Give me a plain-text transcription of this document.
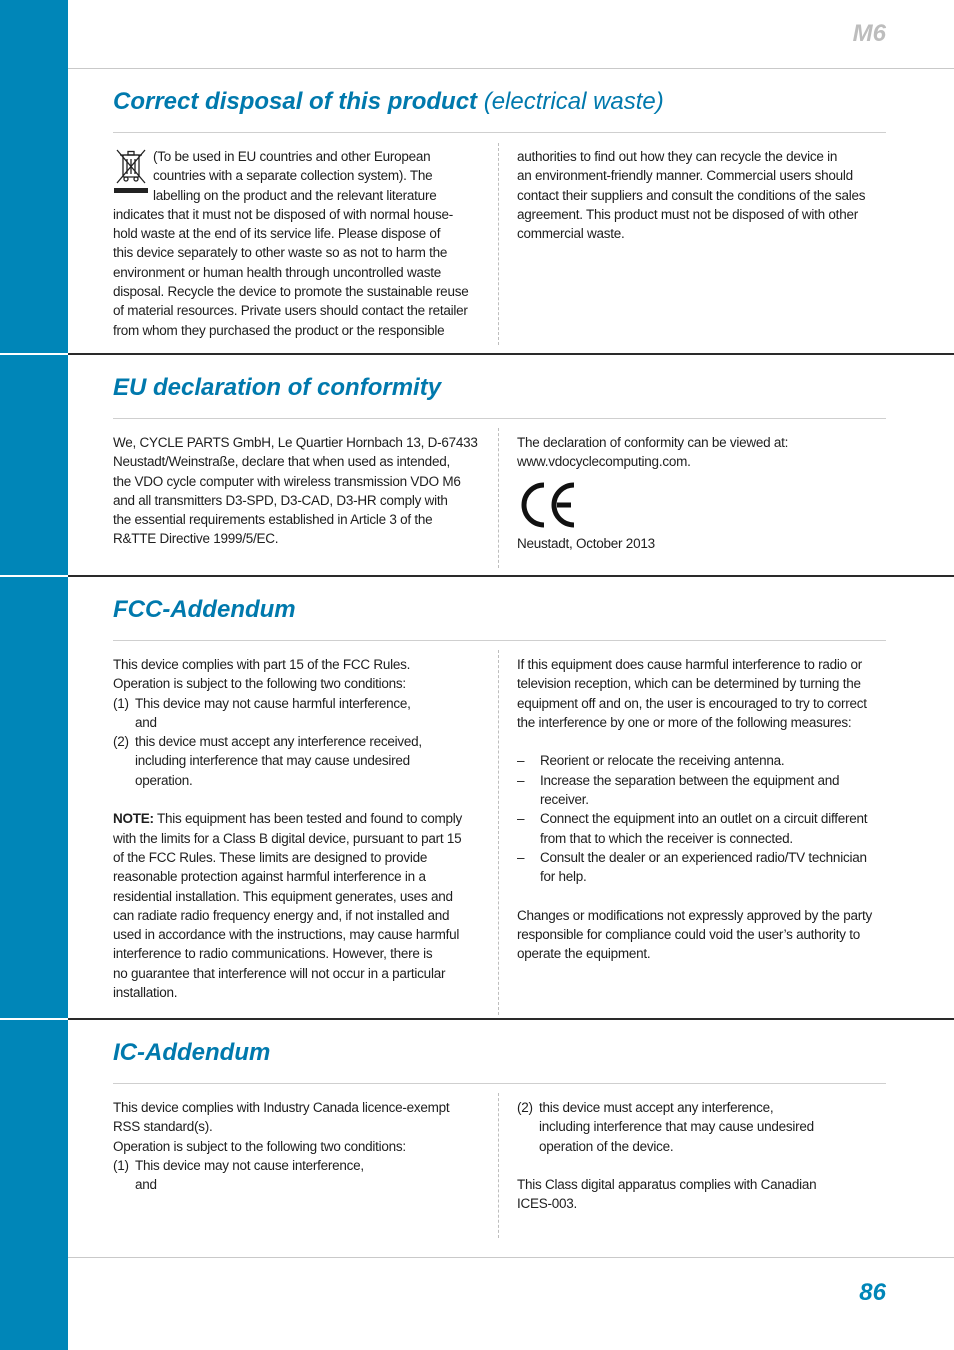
M6
Correct disposal of this product (electrical waste)

(To be used in EU countries and other European

countries with a separate collection system). The

labelling on the product and the relevant literature

indicates that it must not be disposed of with normal house-

hold waste at the end of its service life. Please dispose of

this device separately to other waste so as not to harm the

environment or human health through uncontrolled waste

disposal. Recycle the device to promote the sustainable reuse

of material resources. Private users should contact the retailer

from whom they purchased the product or the responsible

authorities to find out how they can recycle the device in

an environment-friendly manner. Commercial users should

contact their suppliers and consult the conditions of the sales

agreement. This product must not be disposed of with other

commercial waste.

EU declaration of conformity

We, CYCLE PARTS GmbH, Le Quartier Hornbach 13, D-67433

Neustadt/Weinstraße, declare that when used as intended,

the VDO cycle computer with wireless transmission VDO M6

and all transmitters D3-SPD, D3-CAD, D3-HR comply with

the essential requirements established in Article 3 of the

R&TTE Directive 1999/5/EC.

The declaration of conformity can be viewed at:

www.vdocyclecomputing.com.

Neustadt, October 2013

FCC-Addendum

This device complies with part 15 of the FCC Rules.

Operation is subject to the following two conditions:

(1) This device may not cause harmful interference,

and

(2) this device must accept any interference received,

including interference that may cause undesired

operation.

NOTE: This equipment has been tested and found to comply

with the limits for a Class B digital device, pursuant to part 15

of the FCC Rules. These limits are designed to provide

reasonable protection against harmful interference in a

residential installation. This equipment generates, uses and

can radiate radio frequency energy and, if not installed and

used in accordance with the instructions, may cause harmful

interference to radio communications. However, there is

no guarantee that interference will not occur in a particular

installation.

If this equipment does cause harmful interference to radio or

television reception, which can be determined by turning the

equipment off and on, the user is encouraged to try to correct

the interference by one or more of the following measures:

–	Reorient or relocate the receiving antenna.

–	Increase the separation between the equipment and

receiver.

–	Connect the equipment into an outlet on a circuit different

from that to which the receiver is connected.

–	Consult the dealer or an experienced radio/TV technician

for help.

Changes or modifications not expressly approved by the party

responsible for compliance could void the user’s authority to

operate the equipment.

IC-Addendum

This device complies with Industry Canada licence-exempt

RSS standard(s).

Operation is subject to the following two conditions:

(1) This device may not cause interference,

and

(2) this device must accept any interference,

including interference that may cause undesired

operation of the device.

This Class digital apparatus complies with Canadian

ICES-003.

86
